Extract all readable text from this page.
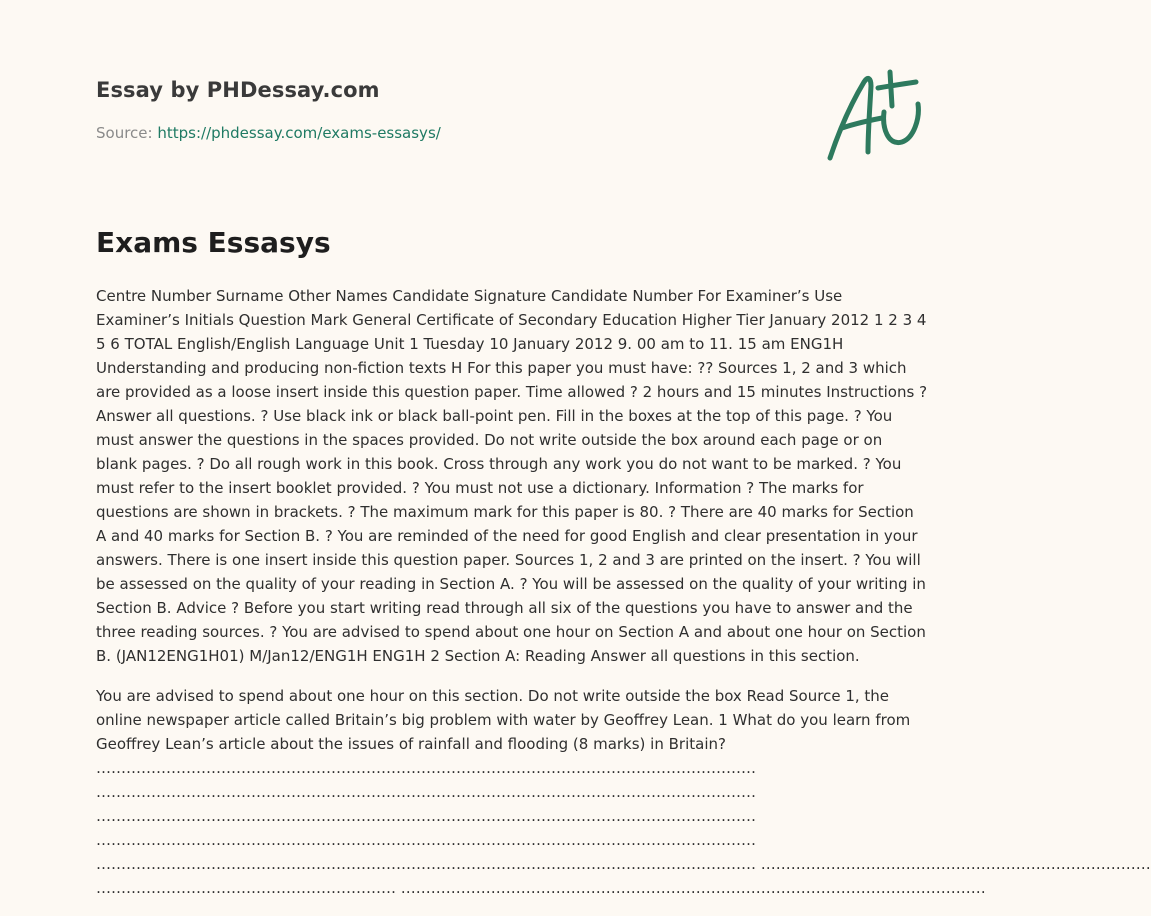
Essay by PHDessay.com
Source: https://phdessay.com/exams-essasys/
Exams Essasys

Centre Number Surname Other Names Candidate Signature Candidate Number For Examiner’s Use Examiner’s Initials Question Mark General Certificate of Secondary Education Higher Tier January 2012 1 2 3 4 5 6 TOTAL English/English Language Unit 1 Tuesday 10 January 2012 9. 00 am to 11. 15 am ENG1H Understanding and producing non-fiction texts H For this paper you must have: ?? Sources 1, 2 and 3 which are provided as a loose insert inside this question paper. Time allowed ? 2 hours and 15 minutes Instructions ? Answer all questions. ? Use black ink or black ball-point pen. Fill in the boxes at the top of this page. ? You must answer the questions in the spaces provided. Do not write outside the box around each page or on blank pages. ? Do all rough work in this book. Cross through any work you do not want to be marked. ? You must refer to the insert booklet provided. ? You must not use a dictionary. Information ? The marks for questions are shown in brackets. ? The maximum mark for this paper is 80. ? There are 40 marks for Section A and 40 marks for Section B. ? You are reminded of the need for good English and clear presentation in your answers. There is one insert inside this question paper. Sources 1, 2 and 3 are printed on the insert. ? You will be assessed on the quality of your reading in Section A. ? You will be assessed on the quality of your writing in Section B. Advice ? Before you start writing read through all six of the questions you have to answer and the three reading sources. ? You are advised to spend about one hour on Section A and about one hour on Section B. (JAN12ENG1H01) M/Jan12/ENG1H ENG1H 2 Section A: Reading Answer all questions in this section.

You are advised to spend about one hour on this section. Do not write outside the box Read Source 1, the online newspaper article called Britain’s big problem with water by Geoffrey Lean. 1 What do you learn from Geoffrey Lean’s article about the issues of rainfall and flooding (8 marks) in Britain?

……………………………………………………………………………………………………………………
……………………………………………………………………………………………………………………
……………………………………………………………………………………………………………………
……………………………………………………………………………………………………………………
…………………………………………………………………………………………………………………… ……………………………………………………………………
…………………………………………………… ………………………………………………………………………………………………………
